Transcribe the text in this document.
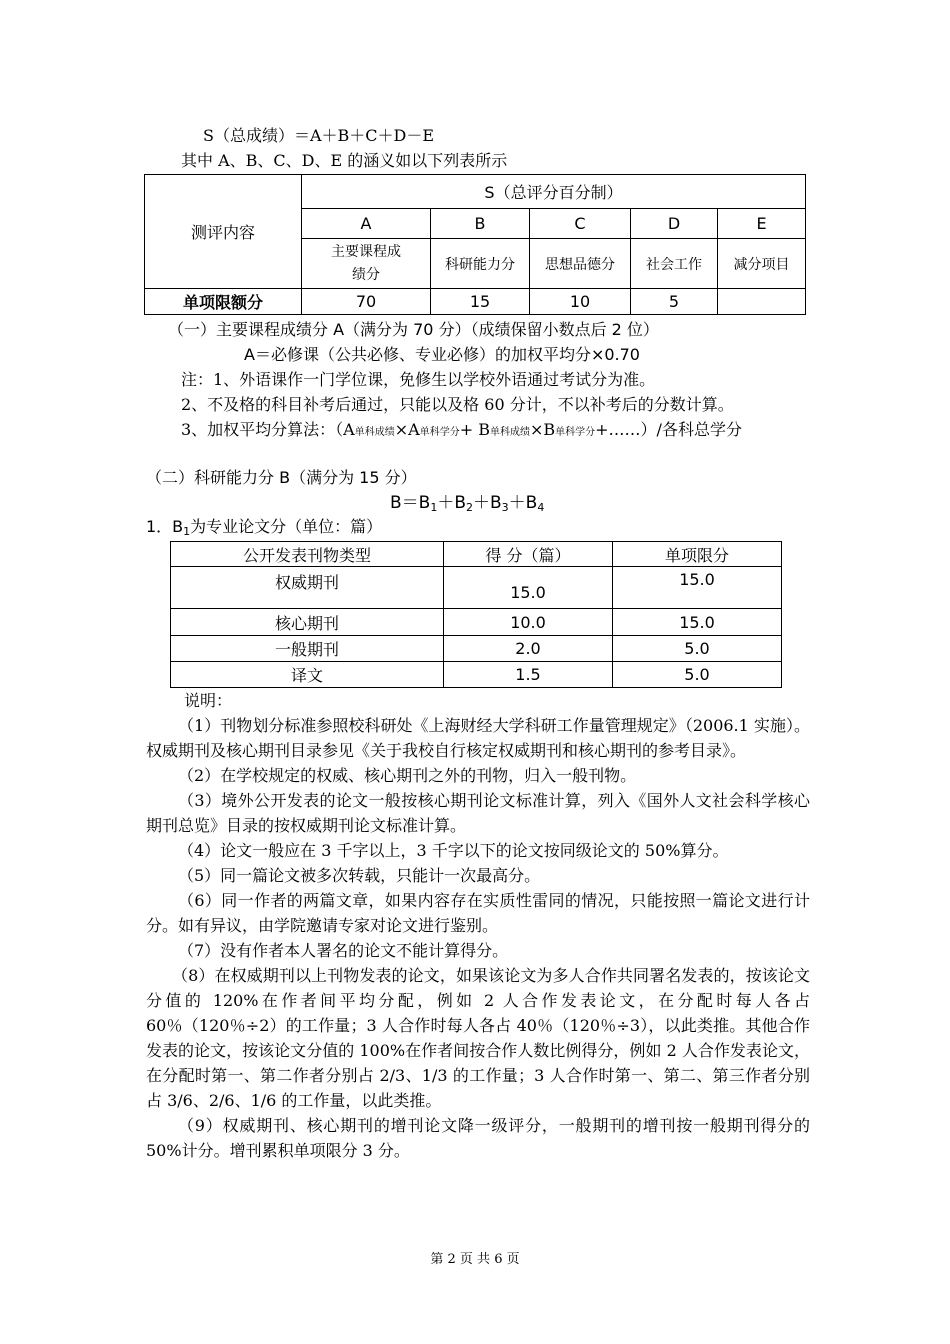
S（总成绩）＝A＋B＋C＋D－E
其中 A、B、C、D、E 的涵义如以下列表所示
测评内容	S（总评分百分制）				
	A	B	C	D	E
	主要课程成绩分	科研能力分	思想品德分	社会工作	减分项目
单项限额分	70	15	10	5	
（一）主要课程成绩分 A（满分为 70 分）（成绩保留小数点后 2 位）
A＝必修课（公共必修、专业必修）的加权平均分×0.70
注：1、外语课作一门学位课，免修生以学校外语通过考试分为准。
2、不及格的科目补考后通过，只能以及格 60 分计，不以补考后的分数计算。
3、加权平均分算法：（A单科成绩×A单科学分+ B单科成绩×B单科学分+……）/各科总学分
（二）科研能力分 B（满分为 15 分）
$B=B_1+B_2+B_3+B_4$
1．$B_1$为专业论文分（单位：篇）
公开发表刊物类型	得 分（篇）	单项限分
权威期刊	15.0	15.0
核心期刊	10.0	15.0
一般期刊	2.0	5.0
译文	1.5	5.0
说明：
（1）刊物划分标准参照校科研处《上海财经大学科研工作量管理规定》（2006.1 实施）。权威期刊及核心期刊目录参见《关于我校自行核定权威期刊和核心期刊的参考目录》。
（2）在学校规定的权威、核心期刊之外的刊物，归入一般刊物。
（3）境外公开发表的论文一般按核心期刊论文标准计算，列入《国外人文社会科学核心期刊总览》目录的按权威期刊论文标准计算。
（4）论文一般应在 3 千字以上，3 千字以下的论文按同级论文的 50%算分。
（5）同一篇论文被多次转载，只能计一次最高分。
（6）同一作者的两篇文章，如果内容存在实质性雷同的情况，只能按照一篇论文进行计分。如有异议，由学院邀请专家对论文进行鉴别。
（7）没有作者本人署名的论文不能计算得分。
（8）在权威期刊以上刊物发表的论文，如果该论文为多人合作共同署名发表的，按该论文分值的 120%在作者间平均分配，例如 2 人合作发表论文，在分配时每人各占 60％（120％÷2）的工作量；3 人合作时每人各占 40％（120％÷3），以此类推。其他合作发表的论文，按该论文分值的 100%在作者间按合作人数比例得分，例如 2 人合作发表论文，在分配时第一、第二作者分别占 2/3、1/3 的工作量；3 人合作时第一、第二、第三作者分别占 3/6、2/6、1/6 的工作量，以此类推。
（9）权威期刊、核心期刊的增刊论文降一级评分，一般期刊的增刊按一般期刊得分的 50%计分。增刊累积单项限分 3 分。
第 2 页 共 6 页
